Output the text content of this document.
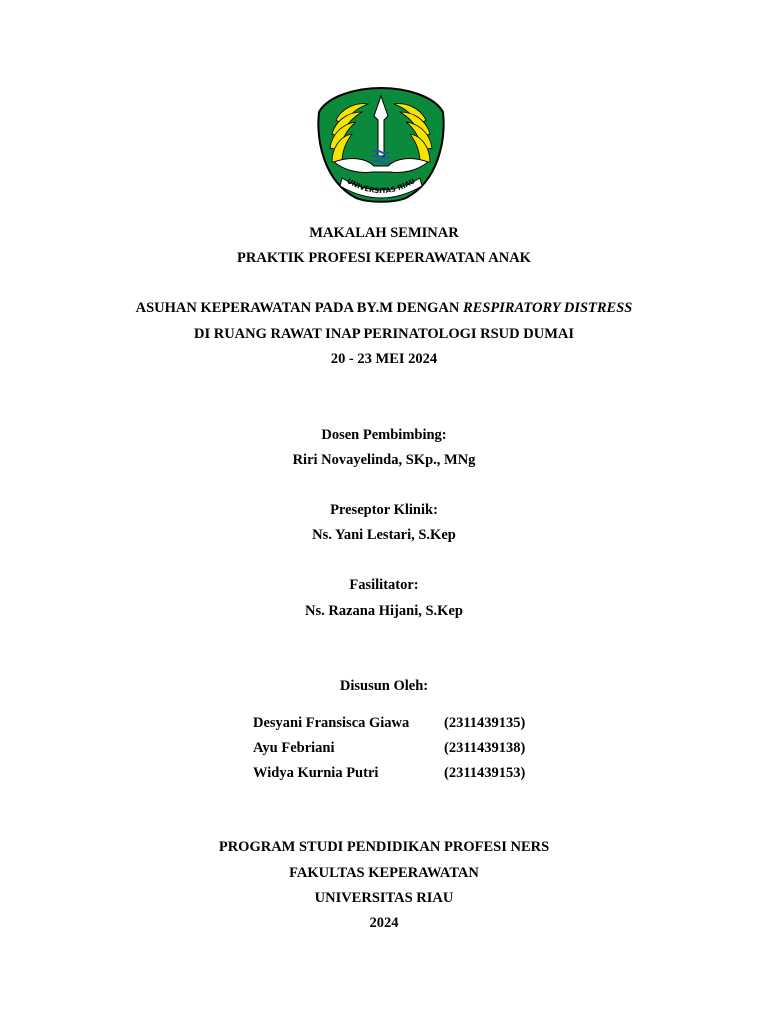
UNIVERSITAS RIAU
MAKALAH SEMINAR
PRAKTIK PROFESI KEPERAWATAN ANAK
ASUHAN KEPERAWATAN PADA BY.M DENGAN RESPIRATORY DISTRESS
DI RUANG RAWAT INAP PERINATOLOGI RSUD DUMAI
20 - 23 MEI 2024
Dosen Pembimbing:
Riri Novayelinda, SKp., MNg
Preseptor Klinik:
Ns. Yani Lestari, S.Kep
Fasilitator:
Ns. Razana Hijani, S.Kep
Disusun Oleh:
Desyani Fransisca Giawa (2311439135)
Ayu Febriani	(2311439138)
Widya Kurnia Putri	(2311439153)
PROGRAM STUDI PENDIDIKAN PROFESI NERS
FAKULTAS KEPERAWATAN
UNIVERSITAS RIAU
2024
